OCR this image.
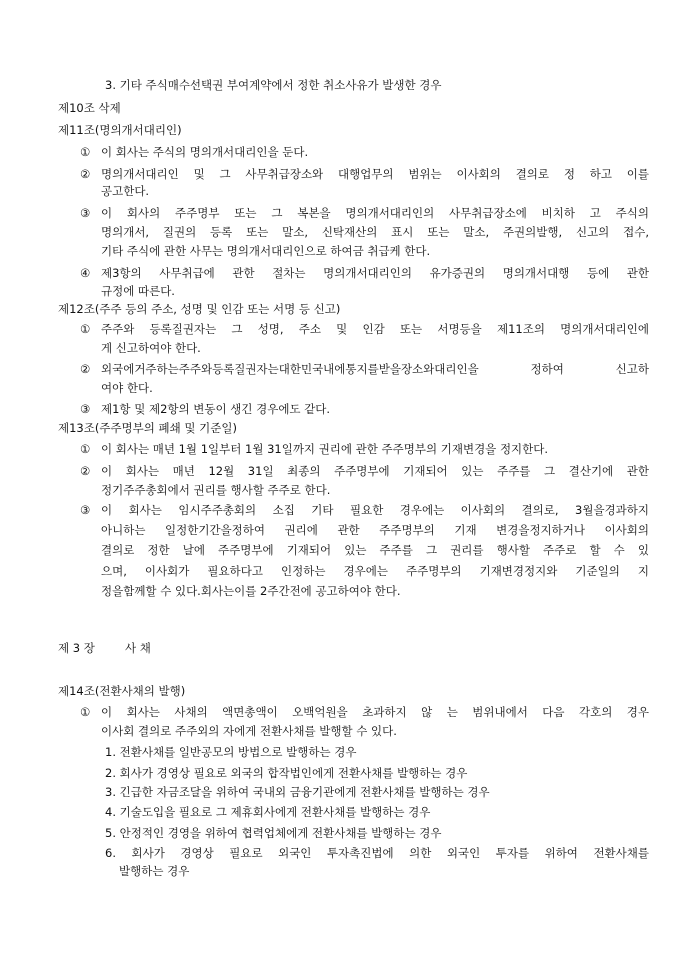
3. 기타 주식매수선택권 부여계약에서 정한 취소사유가 발생한 경우
제10조 삭제
제11조(명의개서대리인)
① 이 회사는 주식의 명의개서대리인을 둔다.
② 명의개서대리인 및 그 사무취급장소와 대행업무의 범위는 이사회의 결의로 정 하고 이를
공고한다.
③ 이 회사의 주주명부 또는 그 복본을 명의개서대리인의 사무취급장소에 비치하 고 주식의
명의개서, 질권의 등록 또는 말소, 신탁재산의 표시 또는 말소, 주권의발행, 신고의 접수,
기타 주식에 관한 사무는 명의개서대리인으로 하여금 취급케 한다.
④ 제3항의 사무취급에 관한 절차는 명의개서대리인의 유가증권의 명의개서대행 등에 관한
규정에 따른다.
제12조(주주 등의 주소, 성명 및 인감 또는 서명 등 신고)
① 주주와 등록질권자는 그 성명, 주소 및 인감 또는 서명등을 제11조의 명의개서대리인에
게 신고하여야 한다.
② 외국에거주하는주주와등록질권자는대한민국내에통지를받을장소와대리인을 정하여 신고하
여야 한다.
③ 제1항 및 제2항의 변동이 생긴 경우에도 같다.
제13조(주주명부의 폐쇄 및 기준일)
① 이 회사는 매년 1월 1일부터 1월 31일까지 권리에 관한 주주명부의 기재변경을 정지한다.
② 이 회사는 매년 12월 31일 최종의 주주명부에 기재되어 있는 주주를 그 결산기에 관한
정기주주총회에서 권리를 행사할 주주로 한다.
③ 이 회사는 임시주주총회의 소집 기타 필요한 경우에는 이사회의 결의로, 3월을경과하지
아니하는 일정한기간을정하여 권리에 관한 주주명부의 기재 변경을정지하거나 이사회의
결의로 정한 날에 주주명부에 기재되어 있는 주주를 그 권리를 행사할 주주로 할 수 있
으며, 이사회가 필요하다고 인정하는 경우에는 주주명부의 기재변경정지와 기준일의 지
정을함께할 수 있다.회사는이를 2주간전에 공고하여야 한다.
제 3 장	사 채
제14조(전환사채의 발행)
① 이 회사는 사채의 액면총액이 오백억원을 초과하지 않 는 범위내에서 다음 각호의 경우
이사회 결의로 주주외의 자에게 전환사채를 발행할 수 있다.
1. 전환사채를 일반공모의 방법으로 발행하는 경우
2. 회사가 경영상 필요로 외국의 합작법인에게 전환사채를 발행하는 경우
3. 긴급한 자금조달을 위하여 국내외 금융기관에게 전환사채를 발행하는 경우
4. 기술도입을 필요로 그 제휴회사에게 전환사채를 발행하는 경우
5. 안정적인 경영을 위하여 협력업체에게 전환사채를 발행하는 경우
6. 회사가 경영상 필요로 외국인 투자촉진법에 의한 외국인 투자를 위하여 전환사채를
발행하는 경우
